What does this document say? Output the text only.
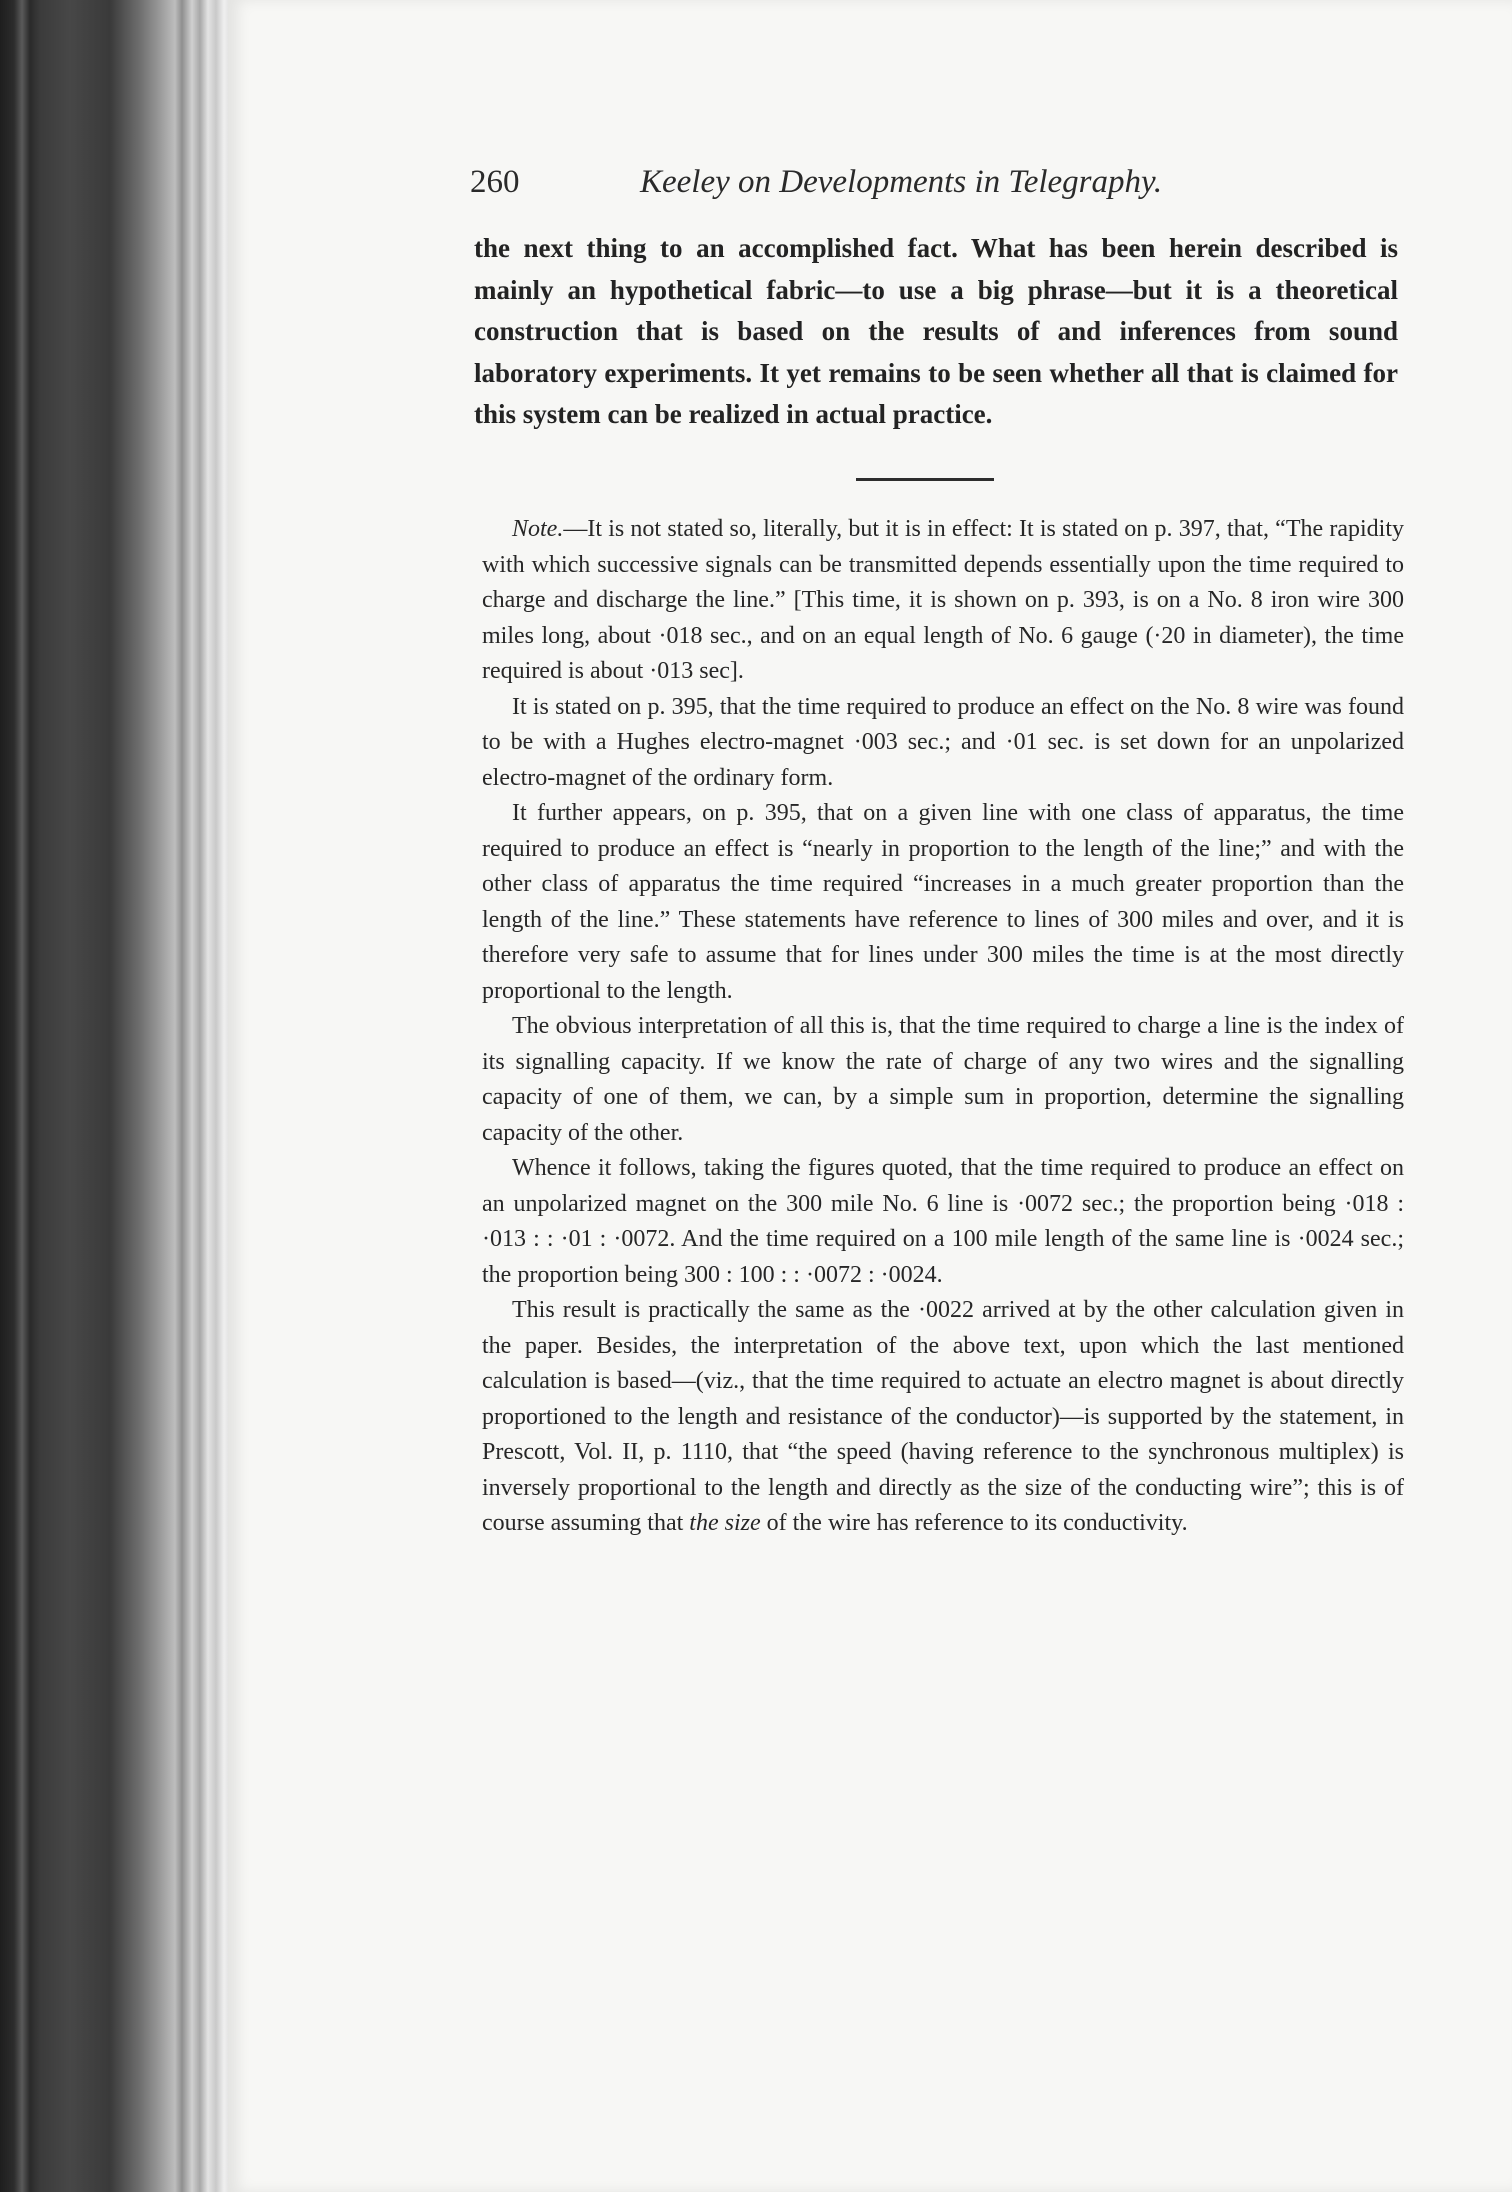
260	Keeley on Developments in Telegraphy.

the next thing to an accomplished fact. What has been herein described is mainly an hypothetical fabric—to use a big phrase—but it is a theoretical construction that is based on the results of and inferences from sound laboratory experiments. It yet remains to be seen whether all that is claimed for this system can be realized in actual practice.

Note.—It is not stated so, literally, but it is in effect: It is stated on p. 397, that, “The rapidity with which successive signals can be transmitted depends essentially upon the time required to charge and discharge the line.” [This time, it is shown on p. 393, is on a No. 8 iron wire 300 miles long, about ·018 sec., and on an equal length of No. 6 gauge (·20 in diameter), the time required is about ·013 sec].

It is stated on p. 395, that the time required to produce an effect on the No. 8 wire was found to be with a Hughes electro-magnet ·003 sec.; and ·01 sec. is set down for an unpolarized electro-magnet of the ordinary form.

It further appears, on p. 395, that on a given line with one class of apparatus, the time required to produce an effect is “nearly in proportion to the length of the line;” and with the other class of apparatus the time required “increases in a much greater proportion than the length of the line.” These statements have reference to lines of 300 miles and over, and it is therefore very safe to assume that for lines under 300 miles the time is at the most directly proportional to the length.

The obvious interpretation of all this is, that the time required to charge a line is the index of its signalling capacity. If we know the rate of charge of any two wires and the signalling capacity of one of them, we can, by a simple sum in proportion, determine the signalling capacity of the other.

Whence it follows, taking the figures quoted, that the time required to produce an effect on an unpolarized magnet on the 300 mile No. 6 line is ·0072 sec.; the proportion being ·018 : ·013 : : ·01 : ·0072. And the time required on a 100 mile length of the same line is ·0024 sec.; the proportion being 300 : 100 : : ·0072 : ·0024.

This result is practically the same as the ·0022 arrived at by the other calculation given in the paper. Besides, the interpretation of the above text, upon which the last mentioned calculation is based—(viz., that the time required to actuate an electro magnet is about directly proportioned to the length and resistance of the conductor)—is supported by the statement, in Prescott, Vol. II, p. 1110, that “the speed (having reference to the synchronous multiplex) is inversely proportional to the length and directly as the size of the conducting wire”; this is of course assuming that the size of the wire has reference to its conductivity.
